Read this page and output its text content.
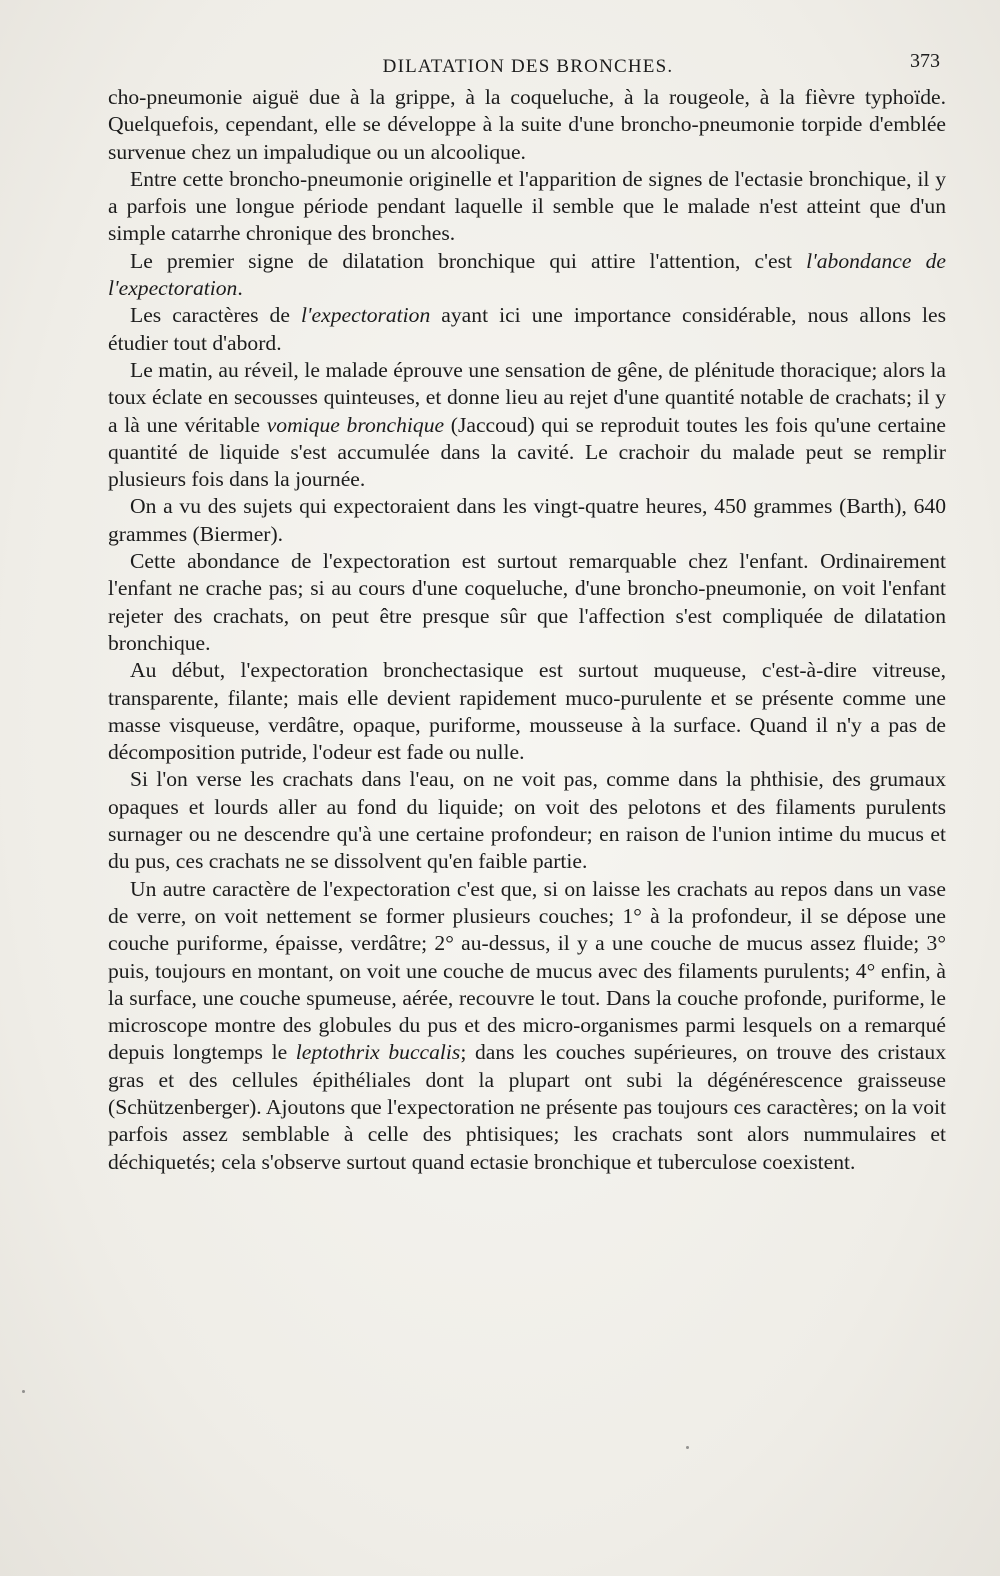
DILATATION DES BRONCHES.	373

cho-pneumonie aiguë due à la grippe, à la coqueluche, à la rougeole, à la fièvre typhoïde. Quelquefois, cependant, elle se développe à la suite d'une broncho-pneumonie torpide d'emblée survenue chez un impaludique ou un alcoolique.

Entre cette broncho-pneumonie originelle et l'apparition de signes de l'ectasie bronchique, il y a parfois une longue période pendant laquelle il semble que le malade n'est atteint que d'un simple catarrhe chronique des bronches.

Le premier signe de dilatation bronchique qui attire l'attention, c'est l'abondance de l'expectoration.

Les caractères de l'expectoration ayant ici une importance considérable, nous allons les étudier tout d'abord.

Le matin, au réveil, le malade éprouve une sensation de gêne, de plénitude thoracique; alors la toux éclate en secousses quinteuses, et donne lieu au rejet d'une quantité notable de crachats; il y a là une véritable vomique bronchique (Jaccoud) qui se reproduit toutes les fois qu'une certaine quantité de liquide s'est accumulée dans la cavité. Le crachoir du malade peut se remplir plusieurs fois dans la journée.

On a vu des sujets qui expectoraient dans les vingt-quatre heures, 450 grammes (Barth), 640 grammes (Biermer).

Cette abondance de l'expectoration est surtout remarquable chez l'enfant. Ordinairement l'enfant ne crache pas; si au cours d'une coqueluche, d'une broncho-pneumonie, on voit l'enfant rejeter des crachats, on peut être presque sûr que l'affection s'est compliquée de dilatation bronchique.

Au début, l'expectoration bronchectasique est surtout muqueuse, c'est-à-dire vitreuse, transparente, filante; mais elle devient rapidement muco-purulente et se présente comme une masse visqueuse, verdâtre, opaque, puriforme, mousseuse à la surface. Quand il n'y a pas de décomposition putride, l'odeur est fade ou nulle.

Si l'on verse les crachats dans l'eau, on ne voit pas, comme dans la phthisie, des grumaux opaques et lourds aller au fond du liquide; on voit des pelotons et des filaments purulents surnager ou ne descendre qu'à une certaine profondeur; en raison de l'union intime du mucus et du pus, ces crachats ne se dissolvent qu'en faible partie.

Un autre caractère de l'expectoration c'est que, si on laisse les crachats au repos dans un vase de verre, on voit nettement se former plusieurs couches; 1° à la profondeur, il se dépose une couche puriforme, épaisse, verdâtre; 2° au-dessus, il y a une couche de mucus assez fluide; 3° puis, toujours en montant, on voit une couche de mucus avec des filaments purulents; 4° enfin, à la surface, une couche spumeuse, aérée, recouvre le tout. Dans la couche profonde, puriforme, le microscope montre des globules du pus et des micro-organismes parmi lesquels on a remarqué depuis longtemps le leptothrix buccalis; dans les couches supérieures, on trouve des cristaux gras et des cellules épithéliales dont la plupart ont subi la dégénérescence graisseuse (Schützenberger). Ajoutons que l'expectoration ne présente pas toujours ces caractères; on la voit parfois assez semblable à celle des phtisiques; les crachats sont alors nummulaires et déchiquetés; cela s'observe surtout quand ectasie bronchique et tuberculose coexistent.
